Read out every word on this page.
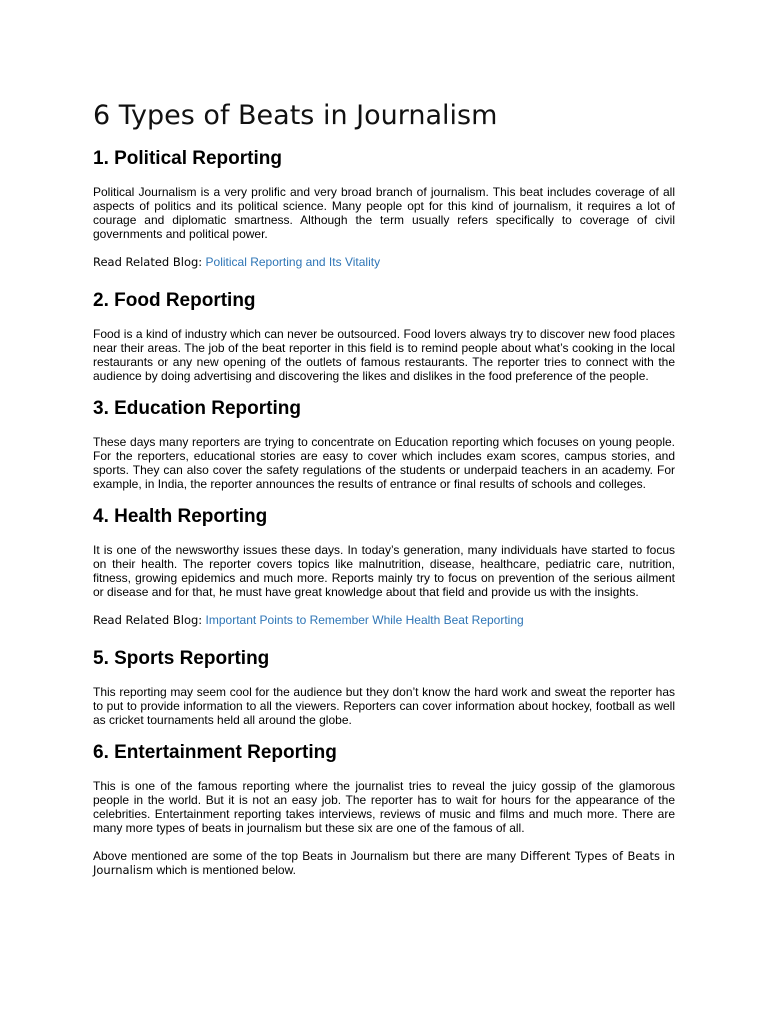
6 Types of Beats in Journalism
1. Political Reporting

Political Journalism is a very prolific and very broad branch of journalism. This beat includes coverage of all aspects of politics and its political science. Many people opt for this kind of journalism, it requires a lot of courage and diplomatic smartness. Although the term usually refers specifically to coverage of civil governments and political power.

Read Related Blog: Political Reporting and Its Vitality

2. Food Reporting

Food is a kind of industry which can never be outsourced. Food lovers always try to discover new food places near their areas. The job of the beat reporter in this field is to remind people about what’s cooking in the local restaurants or any new opening of the outlets of famous restaurants. The reporter tries to connect with the audience by doing advertising and discovering the likes and dislikes in the food preference of the people.

3. Education Reporting

These days many reporters are trying to concentrate on Education reporting which focuses on young people. For the reporters, educational stories are easy to cover which includes exam scores, campus stories, and sports. They can also cover the safety regulations of the students or underpaid teachers in an academy. For example, in India, the reporter announces the results of entrance or final results of schools and colleges.

4. Health Reporting

It is one of the newsworthy issues these days. In today’s generation, many individuals have started to focus on their health. The reporter covers topics like malnutrition, disease, healthcare, pediatric care, nutrition, fitness, growing epidemics and much more. Reports mainly try to focus on prevention of the serious ailment or disease and for that, he must have great knowledge about that field and provide us with the insights.

Read Related Blog: Important Points to Remember While Health Beat Reporting

5. Sports Reporting

This reporting may seem cool for the audience but they don’t know the hard work and sweat the reporter has to put to provide information to all the viewers. Reporters can cover information about hockey, football as well as cricket tournaments held all around the globe.

6. Entertainment Reporting

This is one of the famous reporting where the journalist tries to reveal the juicy gossip of the glamorous people in the world. But it is not an easy job. The reporter has to wait for hours for the appearance of the celebrities. Entertainment reporting takes interviews, reviews of music and films and much more. There are many more types of beats in journalism but these six are one of the famous of all.

Above mentioned are some of the top Beats in Journalism but there are many Different Types of Beats in Journalism which is mentioned below.
